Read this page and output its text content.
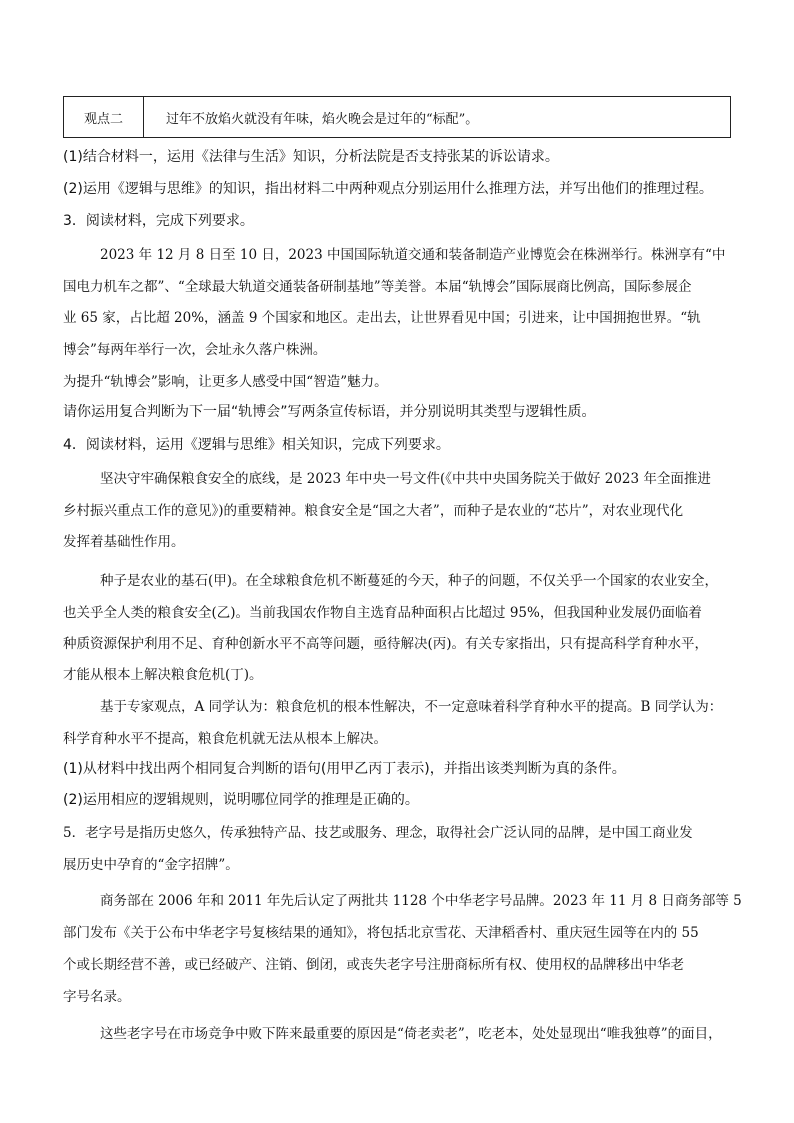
观点二	过年不放焰火就没有年味，焰火晚会是过年的“标配”。
(1)结合材料一，运用《法律与生活》知识，分析法院是否支持张某的诉讼请求。
(2)运用《逻辑与思维》的知识，指出材料二中两种观点分别运用什么推理方法，并写出他们的推理过程。
3．阅读材料，完成下列要求。
2023 年 12 月 8 日至 10 日，2023 中国国际轨道交通和装备制造产业博览会在株洲举行。株洲享有“中
国电力机车之都”、“全球最大轨道交通装备研制基地”等美誉。本届“轨博会”国际展商比例高，国际参展企
业 65 家，占比超 20%，涵盖 9 个国家和地区。走出去，让世界看见中国；引进来，让中国拥抱世界。“轨
博会”每两年举行一次，会址永久落户株洲。
为提升“轨博会”影响，让更多人感受中国“智造”魅力。
请你运用复合判断为下一届“轨博会”写两条宣传标语，并分别说明其类型与逻辑性质。
4．阅读材料，运用《逻辑与思维》相关知识，完成下列要求。
坚决守牢确保粮食安全的底线，是 2023 年中央一号文件(《中共中央国务院关于做好 2023 年全面推进
乡村振兴重点工作的意见》)的重要精神。粮食安全是“国之大者”，而种子是农业的“芯片”，对农业现代化
发挥着基础性作用。
种子是农业的基石(甲)。在全球粮食危机不断蔓延的今天，种子的问题，不仅关乎一个国家的农业安全，
也关乎全人类的粮食安全(乙)。当前我国农作物自主选育品种面积占比超过 95%，但我国种业发展仍面临着
种质资源保护利用不足、育种创新水平不高等问题，亟待解决(丙)。有关专家指出，只有提高科学育种水平，
才能从根本上解决粮食危机(丁)。
基于专家观点，A 同学认为：粮食危机的根本性解决，不一定意味着科学育种水平的提高。B 同学认为：
科学育种水平不提高，粮食危机就无法从根本上解决。
(1)从材料中找出两个相同复合判断的语句(用甲乙丙丁表示)，并指出该类判断为真的条件。
(2)运用相应的逻辑规则，说明哪位同学的推理是正确的。
5．老字号是指历史悠久，传承独特产品、技艺或服务、理念，取得社会广泛认同的品牌，是中国工商业发
展历史中孕育的“金字招牌”。
商务部在 2006 年和 2011 年先后认定了两批共 1128 个中华老字号品牌。2023 年 11 月 8 日商务部等 5
部门发布《关于公布中华老字号复核结果的通知》，将包括北京雪花、天津稻香村、重庆冠生园等在内的 55
个或长期经营不善，或已经破产、注销、倒闭，或丧失老字号注册商标所有权、使用权的品牌移出中华老
字号名录。
这些老字号在市场竞争中败下阵来最重要的原因是“倚老卖老”，吃老本，处处显现出“唯我独尊”的面目，
